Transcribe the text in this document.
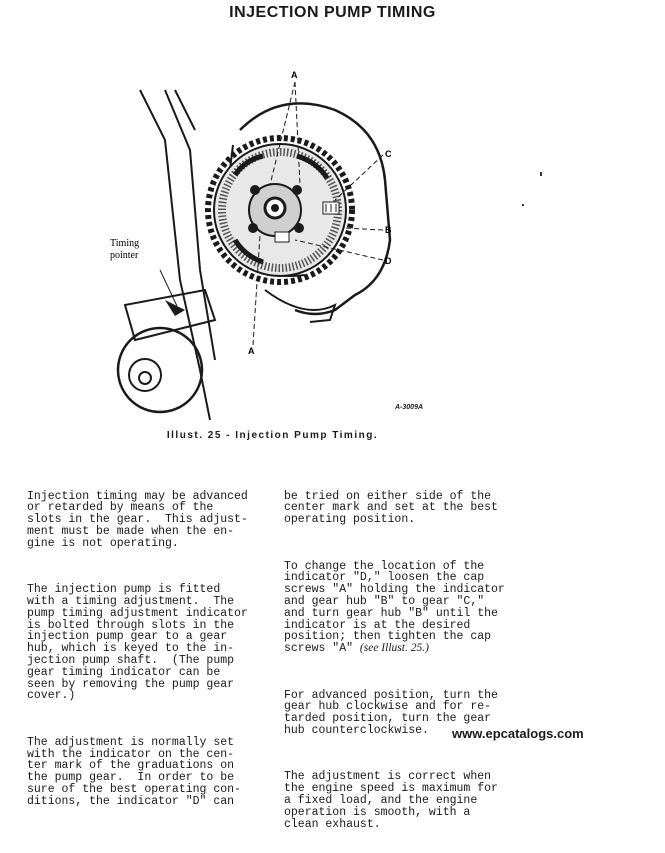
INJECTION PUMP TIMING
A
A
C
B
D
Timing
pointer
A-3009A
Illust. 25 - Injection Pump Timing.

Injection timing may be advanced
or retarded by means of the
slots in the gear.  This adjust-
ment must be made when the en-
gine is not operating.

The injection pump is fitted
with a timing adjustment.  The
pump timing adjustment indicator
is bolted through slots in the
injection pump gear to a gear
hub, which is keyed to the in-
jection pump shaft.  (The pump
gear timing indicator can be
seen by removing the pump gear
cover.)

The adjustment is normally set
with the indicator on the cen-
ter mark of the graduations on
the pump gear.  In order to be
sure of the best operating con-
ditions, the indicator "D" can

be tried on either side of the
center mark and set at the best
operating position.

To change the location of the
indicator "D," loosen the cap
screws "A" holding the indicator
and gear hub "B" to gear "C,"
and turn gear hub "B" until the
indicator is at the desired
position; then tighten the cap
screws "A" (see Illust. 25.)

For advanced position, turn the
gear hub clockwise and for re-
tarded position, turn the gear
hub counterclockwise.

The adjustment is correct when
the engine speed is maximum for
a fixed load, and the engine
operation is smooth, with a
clean exhaust.

www.epcatalogs.com
